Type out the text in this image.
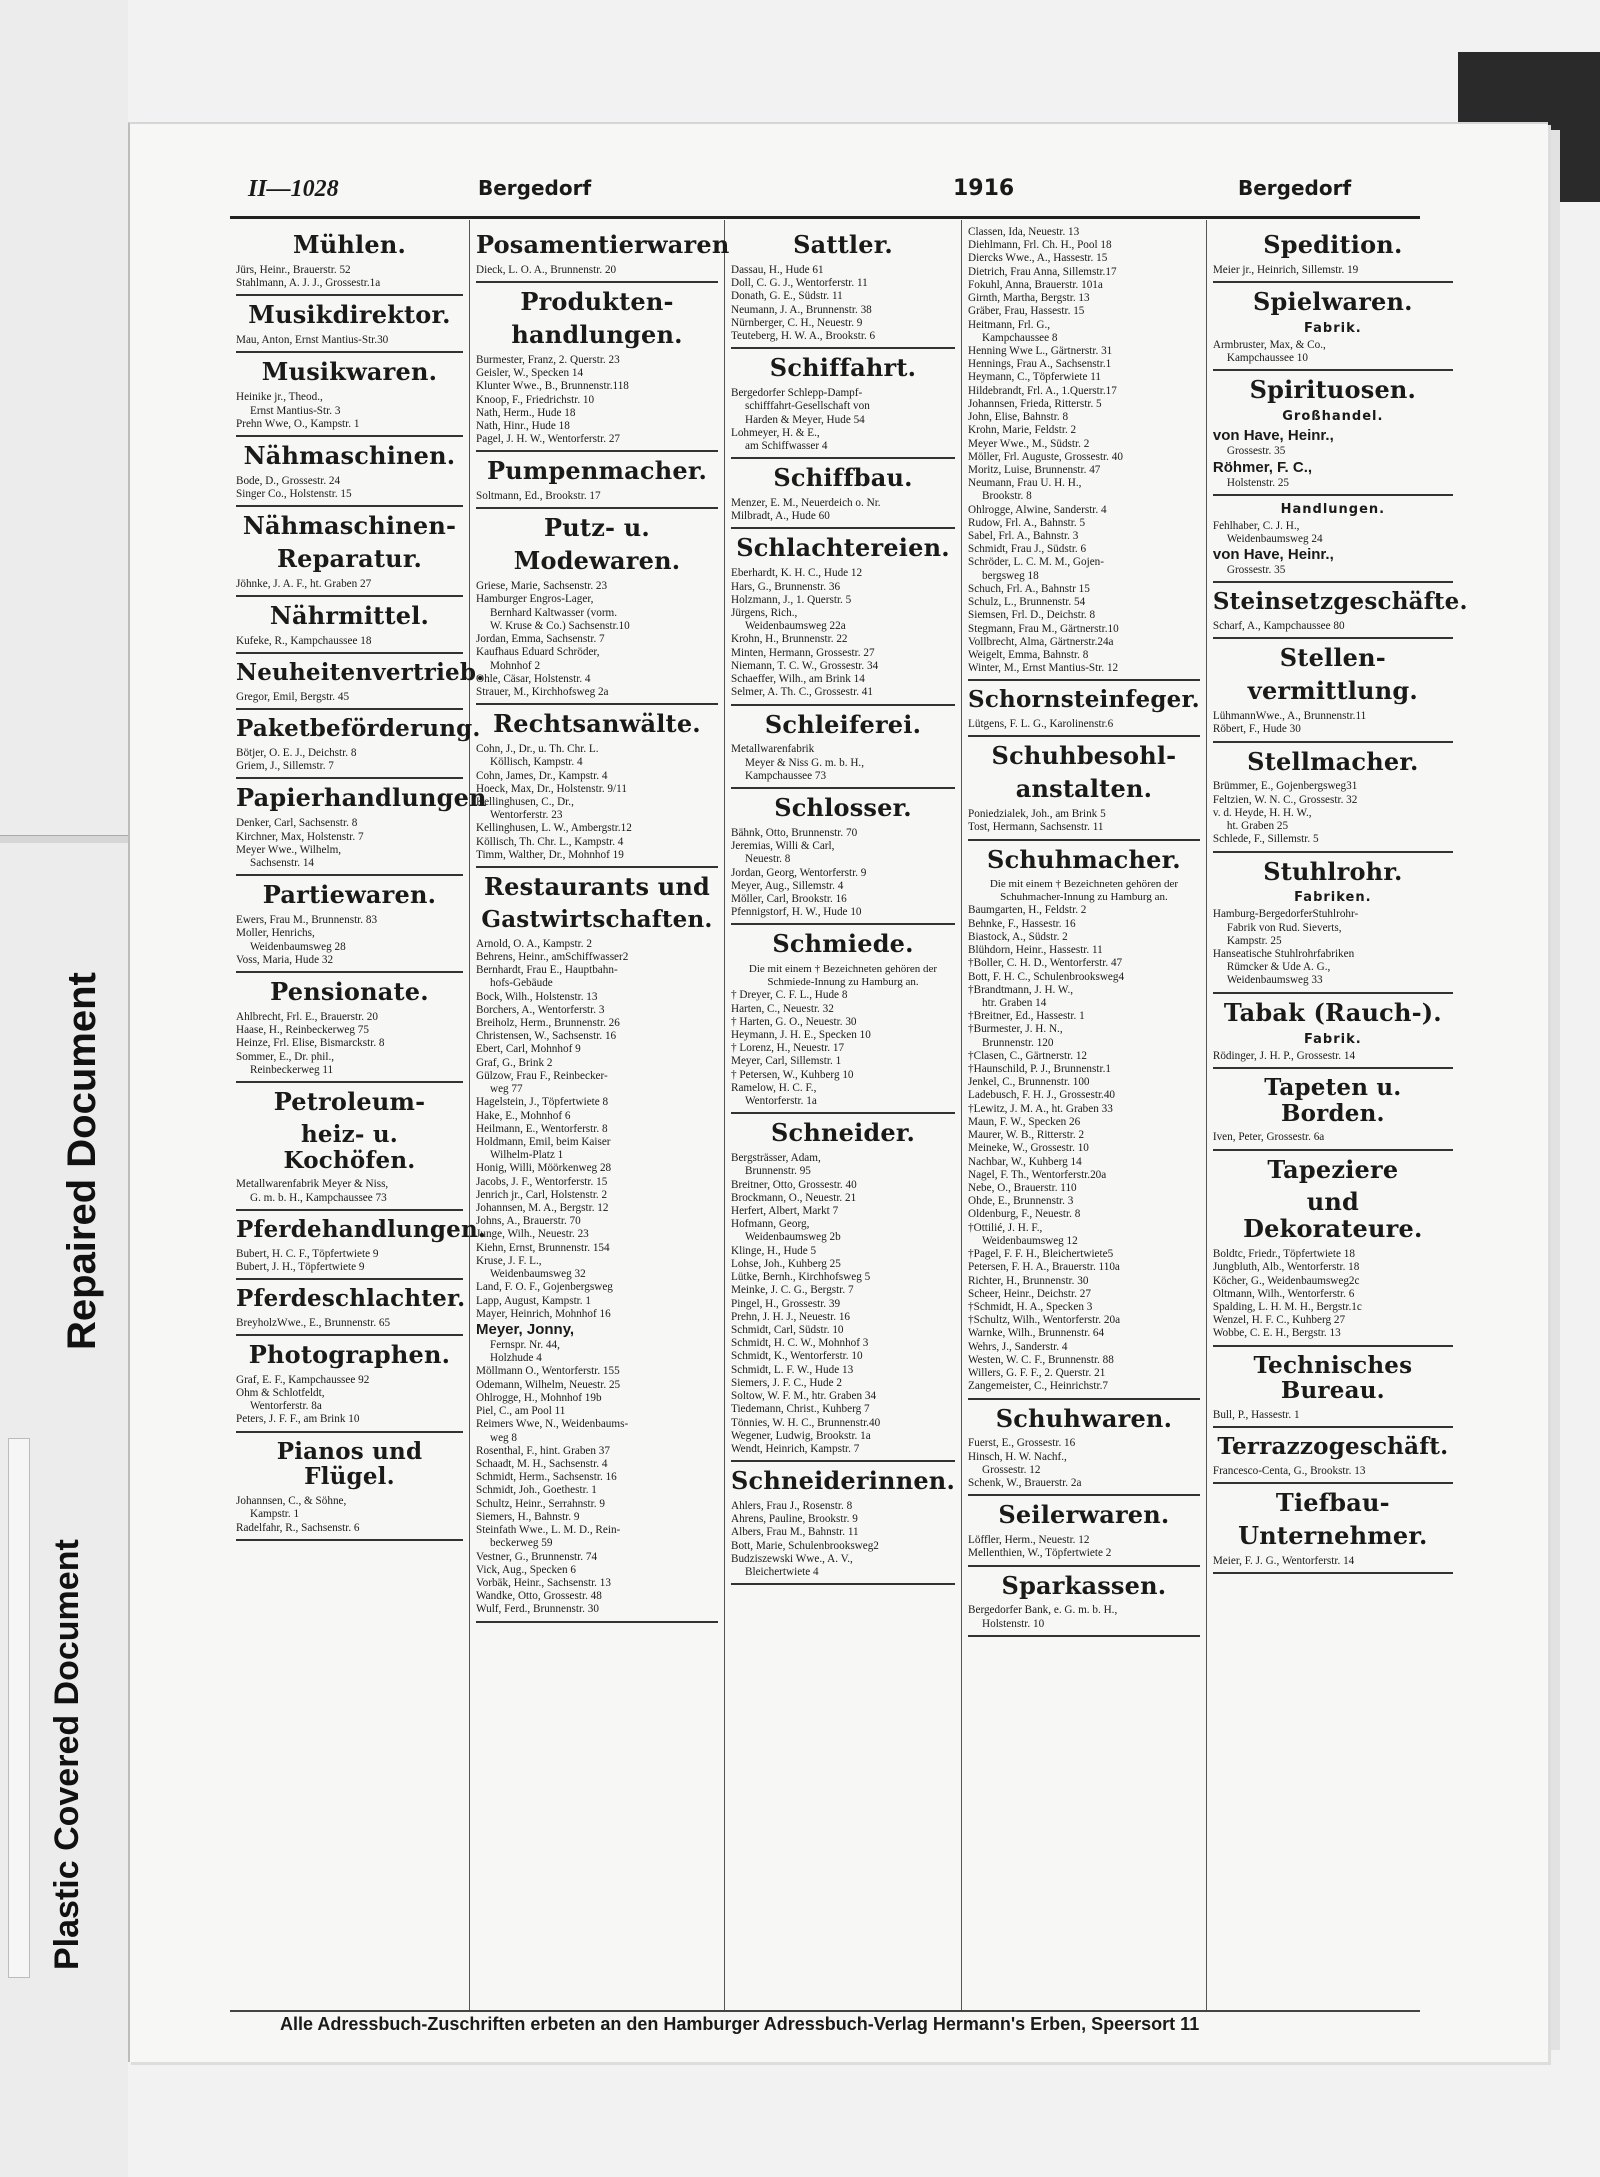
Repaired Document
Plastic Covered Document
II—1028	Bergedorf	1916	Bergedorf
Mühlen.
Jürs, Heinr., Brauerstr. 52
Stahlmann, A. J. J., Grossestr.1a
Musikdirektor.
Mau, Anton, Ernst Mantius-Str.30
Musikwaren.
Heinike jr., Theod.,
Ernst Mantius-Str. 3
Prehn Wwe, O., Kampstr. 1
Nähmaschinen.
Bode, D., Grossestr. 24
Singer Co., Holstenstr. 15
Nähmaschinen-
Reparatur.
Jöhnke, J. A. F., ht. Graben 27
Nährmittel.
Kufeke, R., Kampchaussee 18
Neuheitenvertrieb.
Gregor, Emil, Bergstr. 45
Paketbeförderung.
Bötjer, O. E. J., Deichstr. 8
Griem, J., Sillemstr. 7
Papierhandlungen
Denker, Carl, Sachsenstr. 8
Kirchner, Max, Holstenstr. 7
Meyer Wwe., Wilhelm,
Sachsenstr. 14
Partiewaren.
Ewers, Frau M., Brunnenstr. 83
Moller, Henrichs,
Weidenbaumsweg 28
Voss, Maria, Hude 32
Pensionate.
Ahlbrecht, Frl. E., Brauerstr. 20
Haase, H., Reinbeckerweg 75
Heinze, Frl. Elise, Bismarckstr. 8
Sommer, E., Dr. phil.,
Reinbeckerweg 11
Petroleum-
heiz- u. Kochöfen.
Metallwarenfabrik Meyer & Niss,
G. m. b. H., Kampchaussee 73
Pferdehandlungen.
Bubert, H. C. F., Töpfertwiete 9
Bubert, J. H., Töpfertwiete 9
Pferdeschlachter.
BreyholzWwe., E., Brunnenstr. 65
Photographen.
Graf, E. F., Kampchaussee 92
Ohm & Schlotfeldt,
Wentorferstr. 8a
Peters, J. F. F., am Brink 10
Pianos und Flügel.
Johannsen, C., & Söhne,
Kampstr. 1
Radelfahr, R., Sachsenstr. 6
Posamentierwaren
Dieck, L. O. A., Brunnenstr. 20
Produkten-
handlungen.
Burmester, Franz, 2. Querstr. 23
Geisler, W., Specken 14
Klunter Wwe., B., Brunnenstr.118
Knoop, F., Friedrichstr. 10
Nath, Herm., Hude 18
Nath, Hinr., Hude 18
Pagel, J. H. W., Wentorferstr. 27
Pumpenmacher.
Soltmann, Ed., Brookstr. 17
Putz- u.
Modewaren.
Griese, Marie, Sachsenstr. 23
Hamburger Engros-Lager,
Bernhard Kaltwasser (vorm.
W. Kruse & Co.) Sachsenstr.10
Jordan, Emma, Sachsenstr. 7
Kaufhaus Eduard Schröder,
Mohnhof 2
Ohle, Cäsar, Holstenstr. 4
Strauer, M., Kirchhofsweg 2a
Rechtsanwälte.
Cohn, J., Dr., u. Th. Chr. L.
Köllisch, Kampstr. 4
Cohn, James, Dr., Kampstr. 4
Hoeck, Max, Dr., Holstenstr. 9/11
Kellinghusen, C., Dr.,
Wentorferstr. 23
Kellinghusen, L. W., Ambergstr.12
Köllisch, Th. Chr. L., Kampstr. 4
Timm, Walther, Dr., Mohnhof 19
Restaurants und
Gastwirtschaften.
Arnold, O. A., Kampstr. 2
Behrens, Heinr., amSchiffwasser2
Bernhardt, Frau E., Hauptbahn-
hofs-Gebäude
Bock, Wilh., Holstenstr. 13
Borchers, A., Wentorferstr. 3
Breiholz, Herm., Brunnenstr. 26
Christensen, W., Sachsenstr. 16
Ebert, Carl, Mohnhof 9
Graf, G., Brink 2
Gülzow, Frau F., Reinbecker-
weg 77
Hagelstein, J., Töpfertwiete 8
Hake, E., Mohnhof 6
Heilmann, E., Wentorferstr. 8
Holdmann, Emil, beim Kaiser
Wilhelm-Platz 1
Honig, Willi, Möörkenweg 28
Jacobs, J. F., Wentorferstr. 15
Jenrich jr., Carl, Holstenstr. 2
Johannsen, M. A., Bergstr. 12
Johns, A., Brauerstr. 70
Junge, Wilh., Neuestr. 23
Kiehn, Ernst, Brunnenstr. 154
Kruse, J. F. L.,
Weidenbaumsweg 32
Land, F. O. F., Gojenbergsweg
Lapp, August, Kampstr. 1
Mayer, Heinrich, Mohnhof 16
Meyer, Jonny,
Fernspr. Nr. 44,
Holzhude 4
Möllmann O., Wentorferstr. 155
Odemann, Wilhelm, Neuestr. 25
Ohlrogge, H., Mohnhof 19b
Piel, C., am Pool 11
Reimers Wwe, N., Weidenbaums-
weg 8
Rosenthal, F., hint. Graben 37
Schaadt, M. H., Sachsenstr. 4
Schmidt, Herm., Sachsenstr. 16
Schmidt, Joh., Goethestr. 1
Schultz, Heinr., Serrahnstr. 9
Siemers, H., Bahnstr. 9
Steinfath Wwe., L. M. D., Rein-
beckerweg 59
Vestner, G., Brunnenstr. 74
Vick, Aug., Specken 6
Vorbäk, Heinr., Sachsenstr. 13
Wandke, Otto, Grossestr. 48
Wulf, Ferd., Brunnenstr. 30
Sattler.
Dassau, H., Hude 61
Doll, C. G. J., Wentorferstr. 11
Donath, G. E., Südstr. 11
Neumann, J. A., Brunnenstr. 38
Nürnberger, C. H., Neuestr. 9
Teuteberg, H. W. A., Brookstr. 6
Schiffahrt.
Bergedorfer Schlepp-Dampf-
schifffahrt-Gesellschaft von
Harden & Meyer, Hude 54
Lohmeyer, H. & E.,
am Schiffwasser 4
Schiffbau.
Menzer, E. M., Neuerdeich o. Nr.
Milbradt, A., Hude 60
Schlachtereien.
Eberhardt, K. H. C., Hude 12
Hars, G., Brunnenstr. 36
Holzmann, J., 1. Querstr. 5
Jürgens, Rich.,
Weidenbaumsweg 22a
Krohn, H., Brunnenstr. 22
Minten, Hermann, Grossestr. 27
Niemann, T. C. W., Grossestr. 34
Schaeffer, Wilh., am Brink 14
Selmer, A. Th. C., Grossestr. 41
Schleiferei.
Metallwarenfabrik
Meyer & Niss G. m. b. H.,
Kampchaussee 73
Schlosser.
Bähnk, Otto, Brunnenstr. 70
Jeremias, Willi & Carl,
Neuestr. 8
Jordan, Georg, Wentorferstr. 9
Meyer, Aug., Sillemstr. 4
Möller, Carl, Brookstr. 16
Pfennigstorf, H. W., Hude 10
Schmiede.
Die mit einem † Bezeichneten gehören der Schmiede-Innung zu Hamburg an.
† Dreyer, C. F. L., Hude 8
Harten, C., Neuestr. 32
† Harten, G. O., Neuestr. 30
Heymann, J. H. E., Specken 10
† Lorenz, H., Neuestr. 17
Meyer, Carl, Sillemstr. 1
† Petersen, W., Kuhberg 10
Ramelow, H. C. F.,
Wentorferstr. 1a
Schneider.
Bergsträsser, Adam,
Brunnenstr. 95
Breitner, Otto, Grossestr. 40
Brockmann, O., Neuestr. 21
Herfert, Albert, Markt 7
Hofmann, Georg,
Weidenbaumsweg 2b
Klinge, H., Hude 5
Lohse, Joh., Kuhberg 25
Lütke, Bernh., Kirchhofsweg 5
Meinke, J. C. G., Bergstr. 7
Pingel, H., Grossestr. 39
Prehn, J. H. J., Neuestr. 16
Schmidt, Carl, Südstr. 10
Schmidt, H. C. W., Mohnhof 3
Schmidt, K., Wentorferstr. 10
Schmidt, L. F. W., Hude 13
Siemers, J. F. C., Hude 2
Soltow, W. F. M., htr. Graben 34
Tiedemann, Christ., Kuhberg 7
Tönnies, W. H. C., Brunnenstr.40
Wegener, Ludwig, Brookstr. 1a
Wendt, Heinrich, Kampstr. 7
Schneiderinnen.
Ahlers, Frau J., Rosenstr. 8
Ahrens, Pauline, Brookstr. 9
Albers, Frau M., Bahnstr. 11
Bott, Marie, Schulenbrooksweg2
Budziszewski Wwe., A. V.,
Bleichertwiete 4
Classen, Ida, Neuestr. 13
Diehlmann, Frl. Ch. H., Pool 18
Diercks Wwe., A., Hassestr. 15
Dietrich, Frau Anna, Sillemstr.17
Fokuhl, Anna, Brauerstr. 101a
Girnth, Martha, Bergstr. 13
Gräber, Frau, Hassestr. 15
Heitmann, Frl. G.,
Kampchaussee 8
Henning Wwe L., Gärtnerstr. 31
Hennings, Frau A., Sachsenstr.1
Heymann, C., Töpferwiete 11
Hildebrandt, Frl. A., 1.Querstr.17
Johannsen, Frieda, Ritterstr. 5
John, Elise, Bahnstr. 8
Krohn, Marie, Feldstr. 2
Meyer Wwe., M., Südstr. 2
Möller, Frl. Auguste, Grossestr. 40
Moritz, Luise, Brunnenstr. 47
Neumann, Frau U. H. H.,
Brookstr. 8
Ohlrogge, Alwine, Sanderstr. 4
Rudow, Frl. A., Bahnstr. 5
Sabel, Frl. A., Bahnstr. 3
Schmidt, Frau J., Südstr. 6
Schröder, L. C. M. M., Gojen-
bergsweg 18
Schuch, Frl. A., Bahnstr 15
Schulz, L., Brunnenstr. 54
Siemsen, Frl. D., Deichstr. 8
Stegmann, Frau M., Gärtnerstr.10
Vollbrecht, Alma, Gärtnerstr.24a
Weigelt, Emma, Bahnstr. 8
Winter, M., Ernst Mantius-Str. 12
Schornsteinfeger.
Lütgens, F. L. G., Karolinenstr.6
Schuhbesohl-
anstalten.
Poniedzialek, Joh., am Brink 5
Tost, Hermann, Sachsenstr. 11
Schuhmacher.
Die mit einem † Bezeichneten gehören der Schuhmacher-Innung zu Hamburg an.
Baumgarten, H., Feldstr. 2
Behnke, F., Hassestr. 16
Biastock, A., Südstr. 2
Blühdorn, Heinr., Hassestr. 11
†Boller, C. H. D., Wentorferstr. 47
Bott, F. H. C., Schulenbrooksweg4
†Brandtmann, J. H. W.,
htr. Graben 14
†Breitner, Ed., Hassestr. 1
†Burmester, J. H. N.,
Brunnenstr. 120
†Clasen, C., Gärtnerstr. 12
†Haunschild, P. J., Brunnenstr.1
Jenkel, C., Brunnenstr. 100
Ladebusch, F. H. J., Grossestr.40
†Lewitz, J. M. A., ht. Graben 33
Maun, F. W., Specken 26
Maurer, W. B., Ritterstr. 2
Meineke, W., Grossestr. 10
Nachbar, W., Kuhberg 14
Nagel, F. Th., Wentorferstr.20a
Nebe, O., Brauerstr. 110
Ohde, E., Brunnenstr. 3
Oldenburg, F., Neuestr. 8
†Ottilié, J. H. F.,
Weidenbaumsweg 12
†Pagel, F. F. H., Bleichertwiete5
Petersen, F. H. A., Brauerstr. 110a
Richter, H., Brunnenstr. 30
Scheer, Heinr., Deichstr. 27
†Schmidt, H. A., Specken 3
†Schultz, Wilh., Wentorferstr. 20a
Warnke, Wilh., Brunnenstr. 64
Wehrs, J., Sanderstr. 4
Westen, W. C. F., Brunnenstr. 88
Willers, G. F. F., 2. Querstr. 21
Zangemeister, C., Heinrichstr.7
Schuhwaren.
Fuerst, E., Grossestr. 16
Hinsch, H. W. Nachf.,
Grossestr. 12
Schenk, W., Brauerstr. 2a
Seilerwaren.
Löffler, Herm., Neuestr. 12
Mellenthien, W., Töpfertwiete 2
Sparkassen.
Bergedorfer Bank, e. G. m. b. H.,
Holstenstr. 10
Spedition.
Meier jr., Heinrich, Sillemstr. 19
Spielwaren.
Fabrik.
Armbruster, Max, & Co.,
Kampchaussee 10
Spirituosen.
Großhandel.
von Have, Heinr.,
Grossestr. 35
Röhmer, F. C.,
Holstenstr. 25
Handlungen.
Fehlhaber, C. J. H.,
Weidenbaumsweg 24
von Have, Heinr.,
Grossestr. 35
Steinsetzgeschäfte.
Scharf, A., Kampchaussee 80
Stellen-
vermittlung.
LühmannWwe., A., Brunnenstr.11
Röbert, F., Hude 30
Stellmacher.
Brümmer, E., Gojenbergsweg31
Feltzien, W. N. C., Grossestr. 32
v. d. Heyde, H. H. W.,
ht. Graben 25
Schlede, F., Sillemstr. 5
Stuhlrohr.
Fabriken.
Hamburg-BergedorferStuhlrohr-
Fabrik von Rud. Sieverts,
Kampstr. 25
Hanseatische Stuhlrohrfabriken
Rümcker & Ude A. G.,
Weidenbaumsweg 33
Tabak (Rauch-).
Fabrik.
Rödinger, J. H. P., Grossestr. 14
Tapeten u. Borden.
Iven, Peter, Grossestr. 6a
Tapeziere
und Dekorateure.
Boldtc, Friedr., Töpfertwiete 18
Jungbluth, Alb., Wentorferstr. 18
Köcher, G., Weidenbaumsweg2c
Oltmann, Wilh., Wentorferstr. 6
Spalding, L. H. M. H., Bergstr.1c
Wenzel, H. F. C., Kuhberg 27
Wobbe, C. E. H., Bergstr. 13
Technisches Bureau.
Bull, P., Hassestr. 1
Terrazzogeschäft.
Francesco-Centa, G., Brookstr. 13
Tiefbau-
Unternehmer.
Meier, F. J. G., Wentorferstr. 14
Alle Adressbuch-Zuschriften erbeten an den Hamburger Adressbuch-Verlag Hermann's Erben, Speersort 11
